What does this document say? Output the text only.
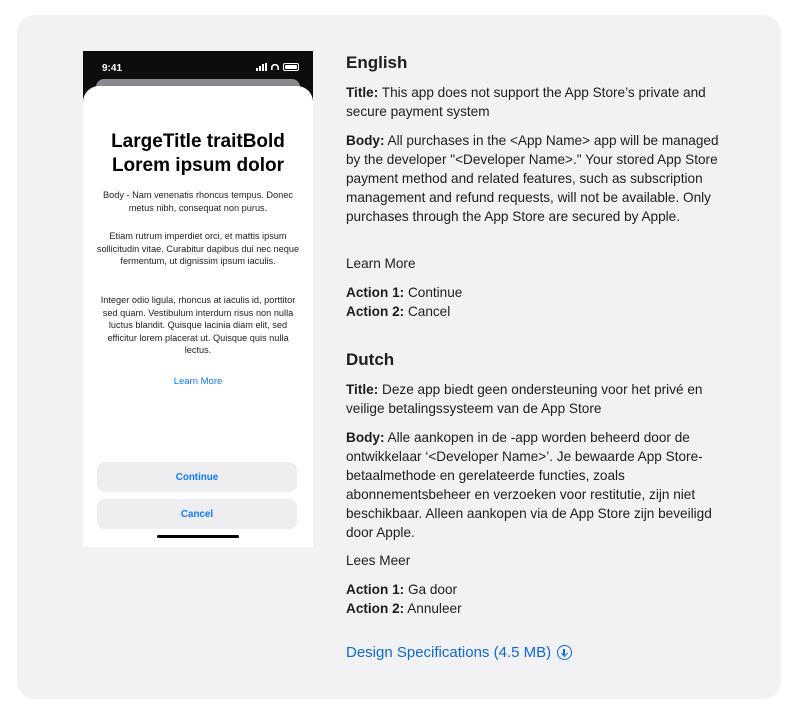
9:41
LargeTitle traitBold Lorem ipsum dolor

Body - Nam venenatis rhoncus tempus. Donec metus nibh, consequat non purus.

Etiam rutrum imperdiet orci, et mattis ipsum sollicitudin vitae. Curabitur dapibus dui nec neque fermentum, ut dignissim ipsum iaculis.

Integer odio ligula, rhoncus at iaculis id, porttitor sed quam. Vestibulum interdum risus non nulla luctus blandit. Quisque lacinia diam elit, sed efficitur lorem placerat ut. Quisque quis nulla lectus.

Learn More
Continue
Cancel
English

Title: This app does not support the App Store’s private and secure payment system

Body: All purchases in the <App Name> app will be managed by the developer "<Developer Name>." Your stored App Store payment method and related features, such as subscription management and refund requests, will not be available. Only purchases through the App Store are secured by Apple.

Learn More

Action 1: Continue

Action 2: Cancel

Dutch

Title: Deze app biedt geen ondersteuning voor het privé en veilige betalingssysteem van de App Store

Body: Alle aankopen in de -app worden beheerd door de ontwikkelaar ‘<Developer Name>’. Je bewaarde App Store-betaalmethode en gerelateerde functies, zoals abonnementsbeheer en verzoeken voor restitutie, zijn niet beschikbaar. Alleen aankopen via de App Store zijn beveiligd door Apple.

Lees Meer

Action 1: Ga door

Action 2: Annuleer

Design Specifications (4.5 MB)
